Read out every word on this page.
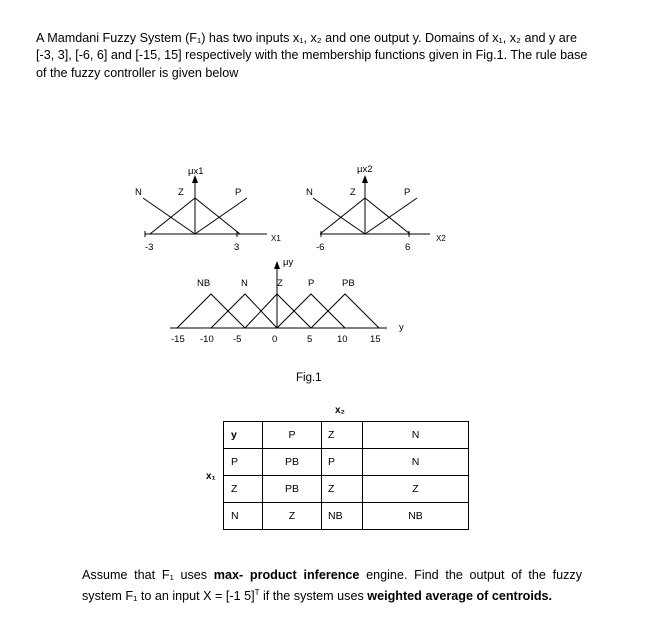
A Mamdani Fuzzy System (F₁) has two inputs x₁, x₂ and one output y. Domains of x₁, x₂ and y are [-3, 3], [-6, 6] and [-15, 15] respectively with the membership functions given in Fig.1. The rule base of the fuzzy controller is given below
μx1
N	Z	P
-3	3
X1
μx2
N	Z	P
-6	6
X2
μy
NB	N	Z	P	PB
-15 -10 -5	0	5	10 15
y
Fig.1
x₂
x₁
y	P	Z	N
P	PB	P	N
Z	PB	Z	Z
N	Z	NB	NB
Assume that F₁ uses max- product inference engine. Find the output of the fuzzy system F₁ to an input X = [-1 5]$^T$ if the system uses weighted average of centroids.
